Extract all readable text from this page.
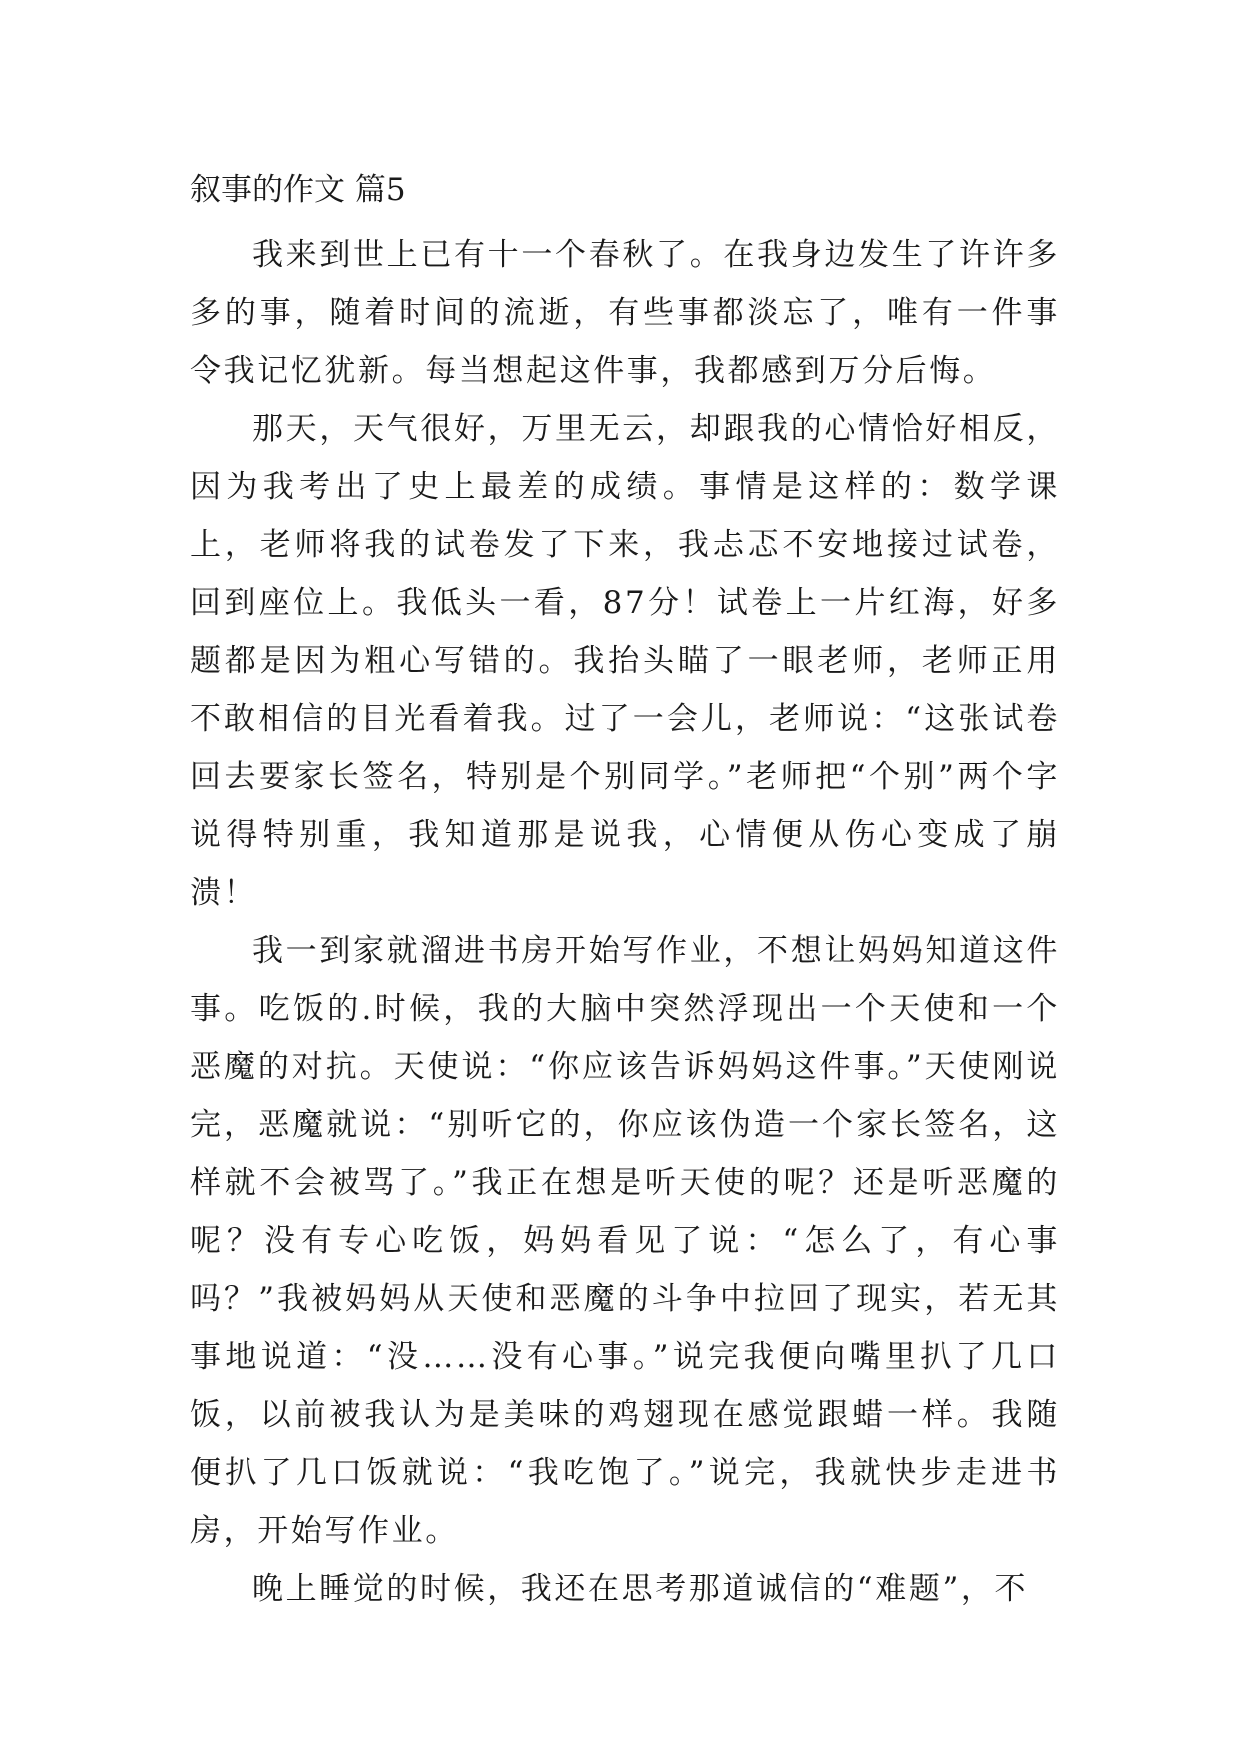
叙事的作文 篇5

我来到世上已有十一个春秋了。在我身边发生了许许多多的事，随着时间的流逝，有些事都淡忘了，唯有一件事令我记忆犹新。每当想起这件事，我都感到万分后悔。

那天，天气很好，万里无云，却跟我的心情恰好相反，因为我考出了史上最差的成绩。事情是这样的：数学课上，老师将我的试卷发了下来，我忐忑不安地接过试卷，回到座位上。我低头一看，87分！试卷上一片红海，好多题都是因为粗心写错的。我抬头瞄了一眼老师，老师正用不敢相信的目光看着我。过了一会儿，老师说：“这张试卷回去要家长签名，特别是个别同学。”老师把“个别”两个字说得特别重，我知道那是说我，心情便从伤心变成了崩溃！

我一到家就溜进书房开始写作业，不想让妈妈知道这件事。吃饭的.时候，我的大脑中突然浮现出一个天使和一个恶魔的对抗。天使说：“你应该告诉妈妈这件事。”天使刚说完，恶魔就说：“别听它的，你应该伪造一个家长签名，这样就不会被骂了。”我正在想是听天使的呢？还是听恶魔的呢？没有专心吃饭，妈妈看见了说：“怎么了，有心事吗？”我被妈妈从天使和恶魔的斗争中拉回了现实，若无其事地说道：“没……没有心事。”说完我便向嘴里扒了几口饭，以前被我认为是美味的鸡翅现在感觉跟蜡一样。我随便扒了几口饭就说：“我吃饱了。”说完，我就快步走进书房，开始写作业。

晚上睡觉的时候，我还在思考那道诚信的“难题”，不
